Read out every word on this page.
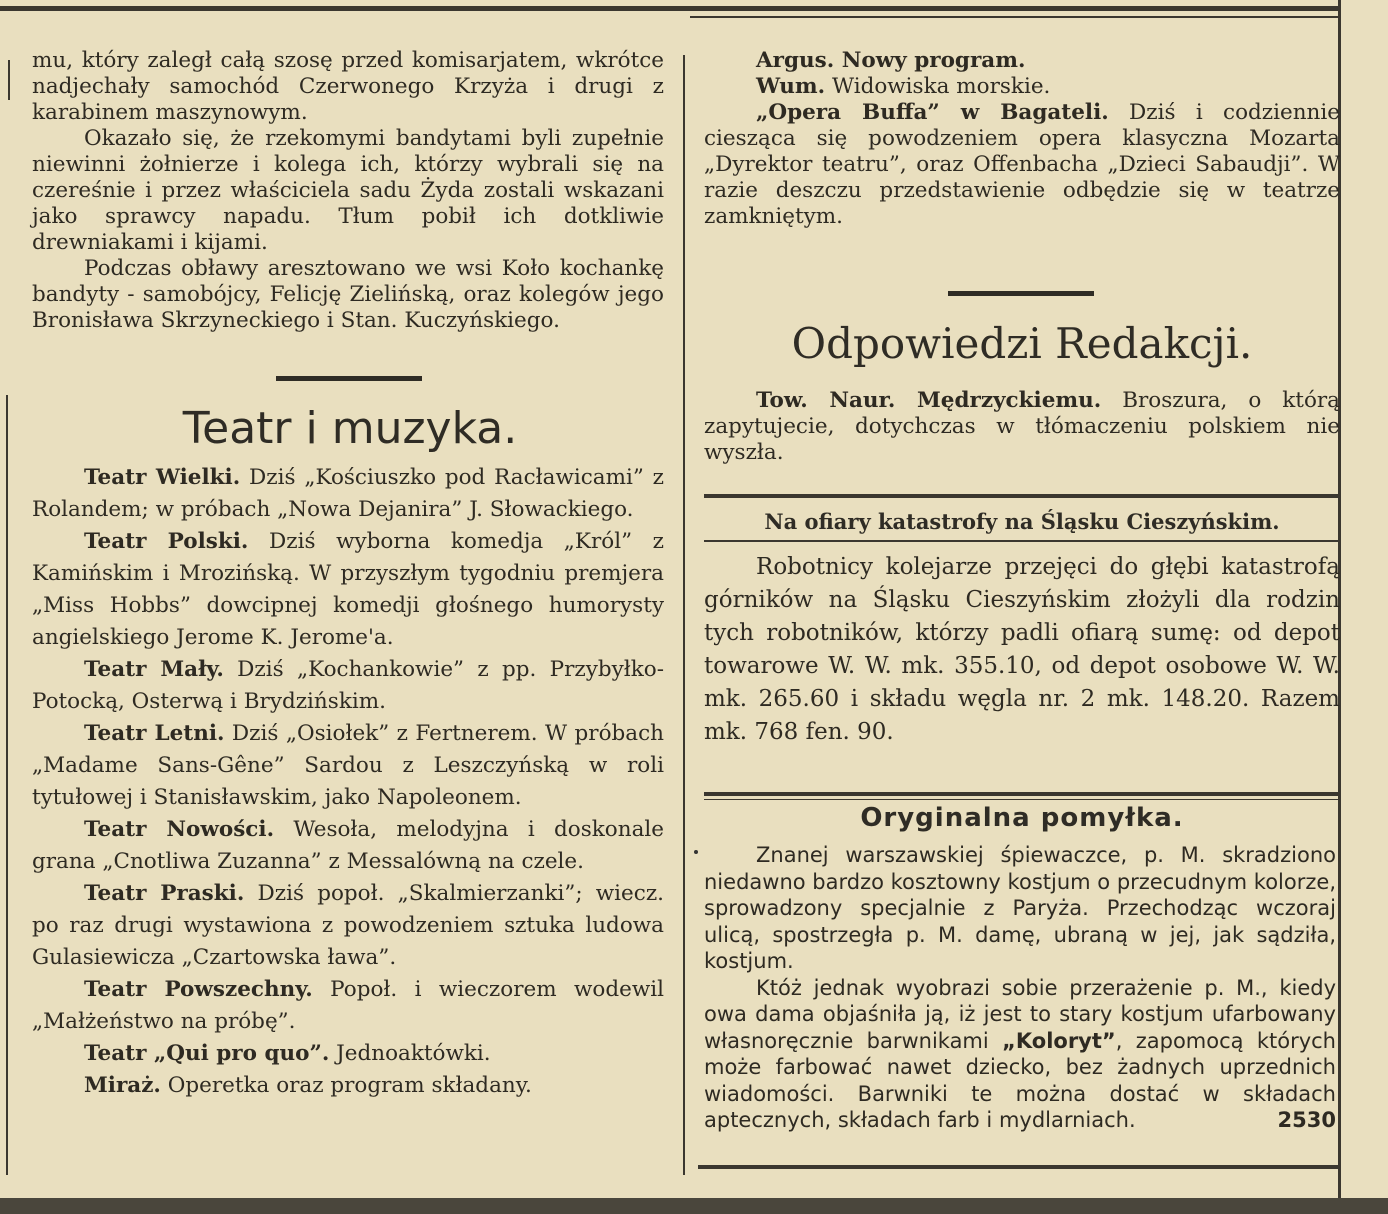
mu, który zaległ całą szosę przed komisarjatem, wkrótce nadjechały samochód Czerwonego Krzyża i drugi z karabinem maszynowym.

Okazało się, że rzekomymi bandytami byli zupełnie niewinni żołnierze i kolega ich, którzy wybrali się na czereśnie i przez właściciela sadu Żyda zostali wskazani jako sprawcy napadu. Tłum pobił ich dotkliwie drewniakami i kijami.

Podczas obławy aresztowano we wsi Koło kochankę bandyty - samobójcy, Felicję Zielińską, oraz kolegów jego Bronisława Skrzyneckiego i Stan. Kuczyńskiego.

Teatr i muzyka.

Teatr Wielki. Dziś „Kościuszko pod Racławicami” z Rolandem; w próbach „Nowa Dejanira” J. Słowackiego.

Teatr Polski. Dziś wyborna komedja „Król” z Kamińskim i Mrozińską. W przyszłym tygodniu premjera „Miss Hobbs” dowcipnej komedji głośnego humorysty angielskiego Jerome K. Jerome'a.

Teatr Mały. Dziś „Kochankowie” z pp. Przybyłko-Potocką, Osterwą i Brydzińskim.

Teatr Letni. Dziś „Osiołek” z Fertnerem. W próbach „Madame Sans-Gêne” Sardou z Leszczyńską w roli tytułowej i Stanisławskim, jako Napoleonem.

Teatr Nowości. Wesoła, melodyjna i doskonale grana „Cnotliwa Zuzanna” z Messalówną na czele.

Teatr Praski. Dziś popoł. „Skalmierzanki”; wiecz. po raz drugi wystawiona z powodzeniem sztuka ludowa Gulasiewicza „Czartowska ława”.

Teatr Powszechny. Popoł. i wieczorem wodewil „Małżeństwo na próbę”.

Teatr „Qui pro quo”. Jednoaktówki.

Miraż. Operetka oraz program składany.

Argus. Nowy program.

Wum. Widowiska morskie.

„Opera Buffa” w Bagateli. Dziś i codziennie ciesząca się powodzeniem opera klasyczna Mozarta „Dyrektor teatru”, oraz Offenbacha „Dzieci Sabaudji”. W razie deszczu przedstawienie odbędzie się w teatrze zamkniętym.

Odpowiedzi Redakcji.

Tow. Naur. Mędrzyckiemu. Broszura, o którą zapytujecie, dotychczas w tłómaczeniu polskiem nie wyszła.

Na ofiary katastrofy na Śląsku Cieszyńskim.

Robotnicy kolejarze przejęci do głębi katastrofą górników na Śląsku Cieszyńskim złożyli dla rodzin tych robotników, którzy padli ofiarą sumę: od depot towarowe W. W. mk. 355.10, od depot osobowe W. W. mk. 265.60 i składu węgla nr. 2 mk. 148.20. Razem mk. 768 fen. 90.

Oryginalna pomyłka.

Znanej warszawskiej śpiewaczce, p. M. skradziono niedawno bardzo kosztowny kostjum o przecudnym kolorze, sprowadzony specjalnie z Paryża. Przechodząc wczoraj ulicą, spostrzegła p. M. damę, ubraną w jej, jak sądziła, kostjum.

Któż jednak wyobrazi sobie przerażenie p. M., kiedy owa dama objaśniła ją, iż jest to stary kostjum ufarbowany własnoręcznie barwnikami „Koloryt”, zapomocą których może farbować nawet dziecko, bez żadnych uprzednich wiadomości. Barwniki te można dostać w składach aptecznych, składach farb i mydlarniach.	2530
